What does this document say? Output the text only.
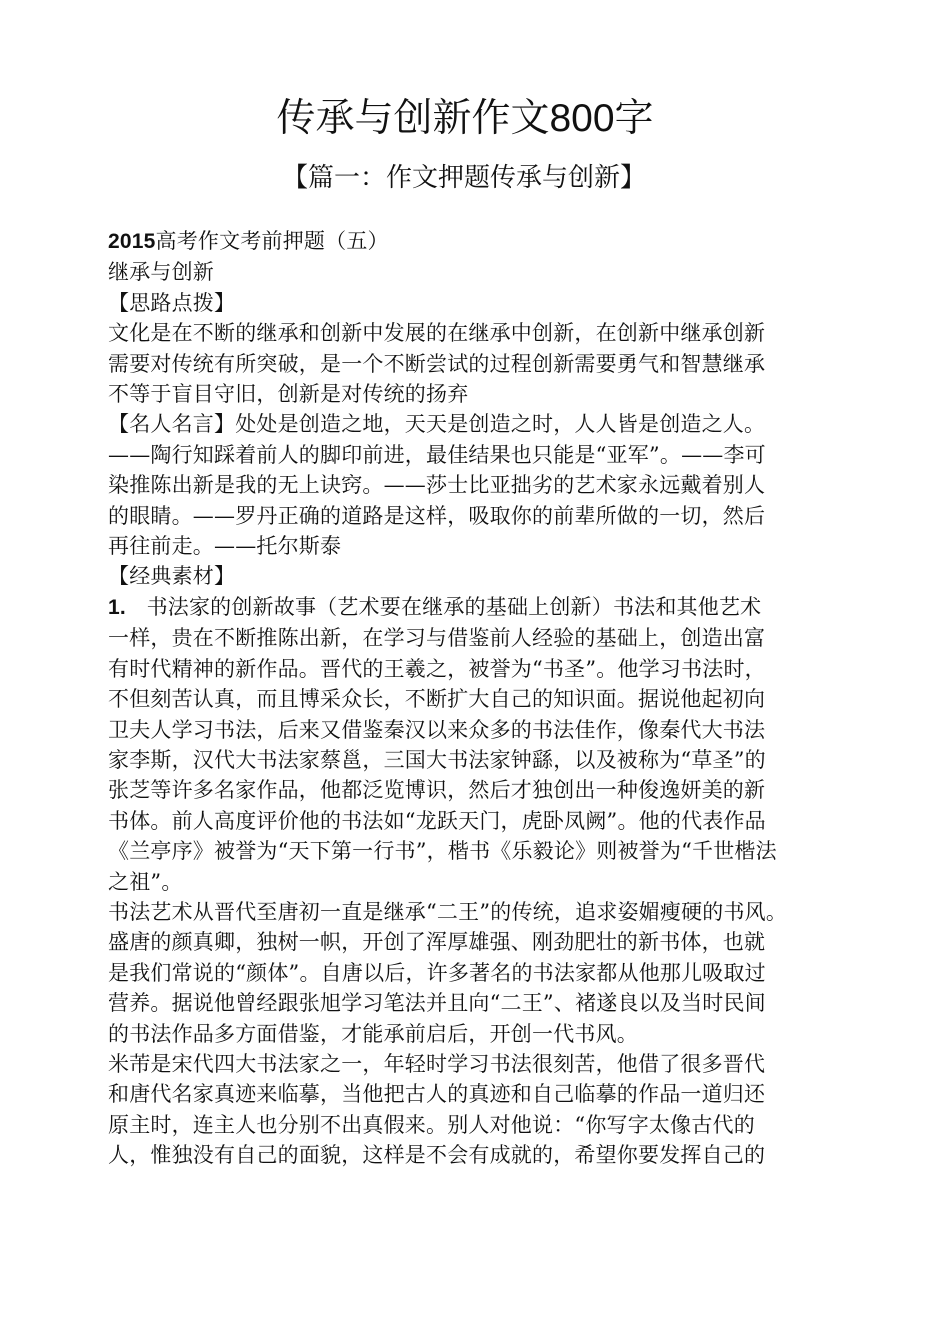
传承与创新作文800字
【篇一：作文押题传承与创新】
2015高考作文考前押题（五）
继承与创新
【思路点拨】
文化是在不断的继承和创新中发展的在继承中创新，在创新中继承创新
需要对传统有所突破，是一个不断尝试的过程创新需要勇气和智慧继承
不等于盲目守旧，创新是对传统的扬弃
【名人名言】处处是创造之地，天天是创造之时，人人皆是创造之人。
——陶行知踩着前人的脚印前进，最佳结果也只能是“亚军”。——李可
染推陈出新是我的无上诀窍。——莎士比亚拙劣的艺术家永远戴着别人
的眼睛。——罗丹正确的道路是这样，吸取你的前辈所做的一切，然后
再往前走。——托尔斯泰
【经典素材】
1. 书法家的创新故事（艺术要在继承的基础上创新）书法和其他艺术
一样，贵在不断推陈出新，在学习与借鉴前人经验的基础上，创造出富
有时代精神的新作品。晋代的王羲之，被誉为“书圣”。他学习书法时，
不但刻苦认真，而且博采众长，不断扩大自己的知识面。据说他起初向
卫夫人学习书法，后来又借鉴秦汉以来众多的书法佳作，像秦代大书法
家李斯，汉代大书法家蔡邕，三国大书法家钟繇，以及被称为“草圣”的
张芝等许多名家作品，他都泛览博识，然后才独创出一种俊逸妍美的新
书体。前人高度评价他的书法如“龙跃天门，虎卧凤阙”。他的代表作品
《兰亭序》被誉为“天下第一行书”，楷书《乐毅论》则被誉为“千世楷法
之祖”。
书法艺术从晋代至唐初一直是继承“二王”的传统，追求姿媚瘦硬的书风。
盛唐的颜真卿，独树一帜，开创了浑厚雄强、刚劲肥壮的新书体，也就
是我们常说的“颜体”。自唐以后，许多著名的书法家都从他那儿吸取过
营养。据说他曾经跟张旭学习笔法并且向“二王”、褚遂良以及当时民间
的书法作品多方面借鉴，才能承前启后，开创一代书风。
米芾是宋代四大书法家之一，年轻时学习书法很刻苦，他借了很多晋代
和唐代名家真迹来临摹，当他把古人的真迹和自己临摹的作品一道归还
原主时，连主人也分别不出真假来。别人对他说：“你写字太像古代的
人，惟独没有自己的面貌，这样是不会有成就的，希望你要发挥自己的
